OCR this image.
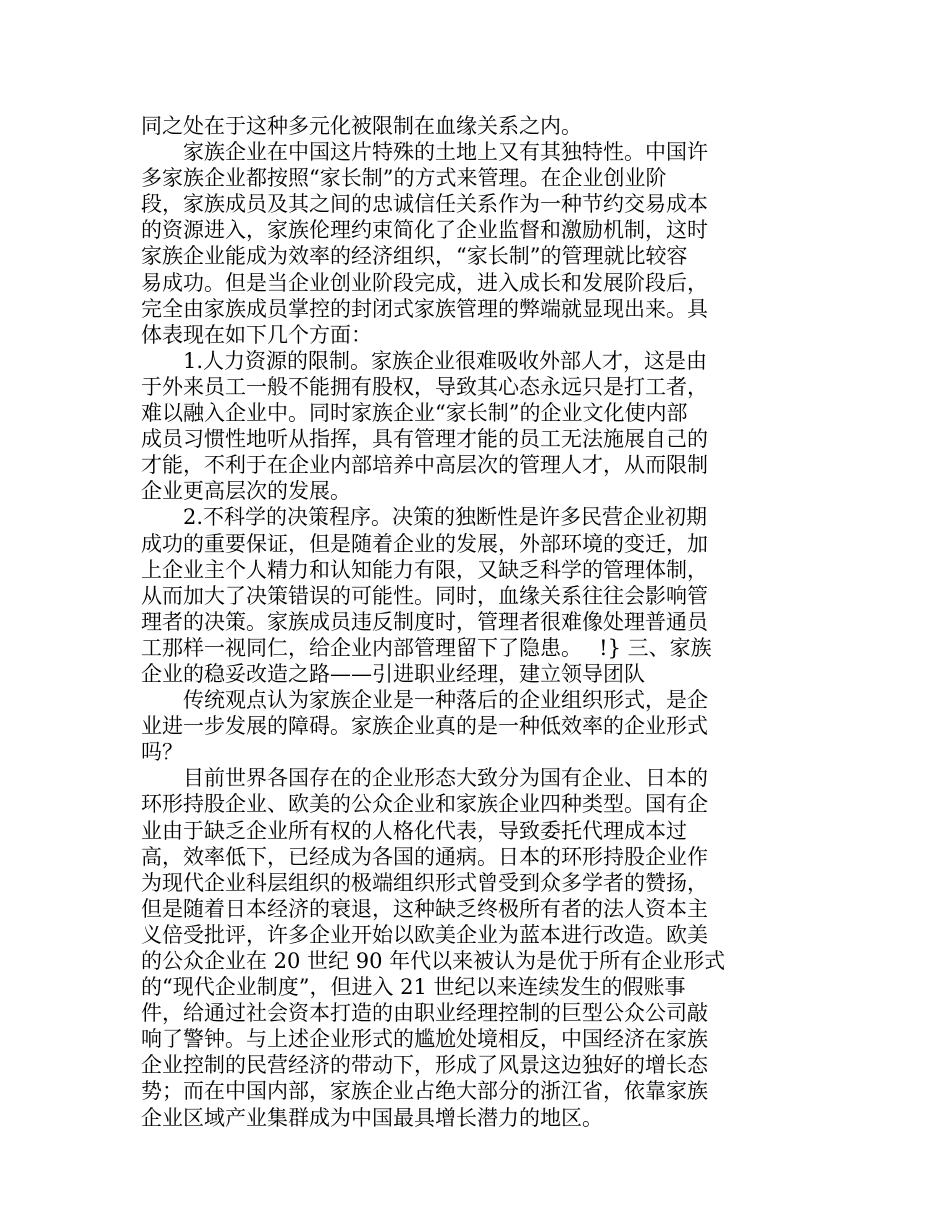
同之处在于这种多元化被限制在血缘关系之内。
　　家族企业在中国这片特殊的土地上又有其独特性。中国许
多家族企业都按照“家长制”的方式来管理。在企业创业阶
段，家族成员及其之间的忠诚信任关系作为一种节约交易成本
的资源进入，家族伦理约束简化了企业监督和激励机制，这时
家族企业能成为效率的经济组织，“家长制”的管理就比较容
易成功。但是当企业创业阶段完成，进入成长和发展阶段后，
完全由家族成员掌控的封闭式家族管理的弊端就显现出来。具
体表现在如下几个方面：
　　1.人力资源的限制。家族企业很难吸收外部人才，这是由
于外来员工一般不能拥有股权，导致其心态永远只是打工者，
难以融入企业中。同时家族企业“家长制”的企业文化使内部
成员习惯性地听从指挥，具有管理才能的员工无法施展自己的
才能，不利于在企业内部培养中高层次的管理人才，从而限制
企业更高层次的发展。
　　2.不科学的决策程序。决策的独断性是许多民营企业初期
成功的重要保证，但是随着企业的发展，外部环境的变迁，加
上企业主个人精力和认知能力有限，又缺乏科学的管理体制，
从而加大了决策错误的可能性。同时，血缘关系往往会影响管
理者的决策。家族成员违反制度时，管理者很难像处理普通员
工那样一视同仁，给企业内部管理留下了隐患。　 !} 三、家族
企业的稳妥改造之路——引进职业经理，建立领导团队
　　传统观点认为家族企业是一种落后的企业组织形式，是企
业进一步发展的障碍。家族企业真的是一种低效率的企业形式
吗？
　　目前世界各国存在的企业形态大致分为国有企业、日本的
环形持股企业、欧美的公众企业和家族企业四种类型。国有企
业由于缺乏企业所有权的人格化代表，导致委托代理成本过
高，效率低下，已经成为各国的通病。日本的环形持股企业作
为现代企业科层组织的极端组织形式曾受到众多学者的赞扬，
但是随着日本经济的衰退，这种缺乏终极所有者的法人资本主
义倍受批评，许多企业开始以欧美企业为蓝本进行改造。欧美
的公众企业在 20 世纪 90 年代以来被认为是优于所有企业形式
的“现代企业制度”，但进入 21 世纪以来连续发生的假账事
件，给通过社会资本打造的由职业经理控制的巨型公众公司敲
响了警钟。与上述企业形式的尴尬处境相反，中国经济在家族
企业控制的民营经济的带动下，形成了风景这边独好的增长态
势；而在中国内部，家族企业占绝大部分的浙江省，依靠家族
企业区域产业集群成为中国最具增长潜力的地区。
